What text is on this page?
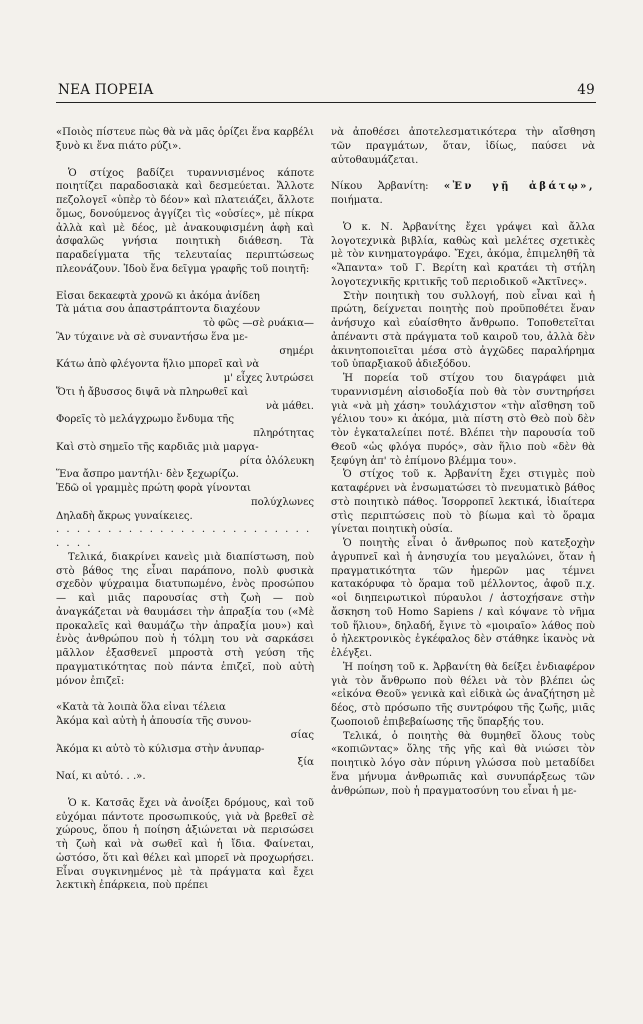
ΝΕΑ ΠΟΡΕΙΑ	49

«Ποιὸς πίστευε πὼς θὰ νὰ μᾶς ὁρίζει ἕνα καρβέλι ξυνὸ κι ἕνα πιάτο ρύζι».

Ὁ στίχος βαδίζει τυραννισμένος κάποτε ποιητίζει παραδοσιακὰ καὶ δεσμεύεται. Ἄλλοτε πεζολογεῖ «ὑπὲρ τὸ δέον» καὶ πλατειάζει, ἄλλοτε ὅμως, δονούμενος ἀγγίζει τὶς «οὐσίες», μὲ πίκρα ἀλλὰ καὶ μὲ δέος, μὲ ἀνακουφισμένη ἀφὴ καὶ ἀσφαλῶς γνήσια ποιητικὴ διάθεση. Τὰ παραδείγματα τῆς τελευταίας περιπτώσεως πλεονάζουν. Ἰδοὺ ἕνα δεῖγμα γραφῆς τοῦ ποιητῆ:

Εἶσαι δεκαεφτὰ χρονῶ κι ἀκόμα ἀνίδεη
Τὰ μάτια σου ἀπαστράπτοντα διαχέουν
τὸ φῶς —σὲ ρυάκια—
Ἂν τύχαινε νὰ σὲ συναντήσω ἕνα με-
σημέρι
Κάτω ἀπὸ φλέγοντα ἥλιο μπορεῖ καὶ νὰ
μ' εἶχες λυτρώσει
Ὅτι ἡ ἄβυσσος διψᾶ νὰ πληρωθεῖ καὶ
νὰ μάθει.
Φορεῖς τὸ μελάγχρωμο ἔνδυμα τῆς
πληρότητας
Καὶ στὸ σημεῖο τῆς καρδιᾶς μιὰ μαργα-
ρίτα ὁλόλευκη
Ἕνα ἄσπρο μαντήλι· δὲν ξεχωρίζω.
Ἐδῶ οἱ γραμμὲς πρώτη φορὰ γίνονται
πολύχλωνες
Δηλαδὴ ἄκρως γυναίκειες.

. . . . . . . . . . . . . . . . . . . . . . . . . . . . .

Τελικά, διακρίνει κανεὶς μιὰ διαπίστωση, ποὺ στὸ βάθος της εἶναι παράπονο, πολὺ φυσικὰ σχεδὸν ψύχραιμα διατυπωμένο, ἑνὸς προσώπου — καὶ μιᾶς παρουσίας στὴ ζωὴ — ποὺ ἀναγκάζεται νὰ θαυμάσει τὴν ἀπραξία του («Μὲ προκαλεῖς καὶ θαυμάζω τὴν ἀπραξία μου») καὶ ἑνὸς ἀνθρώπου ποὺ ἡ τόλμη του νὰ σαρκάσει μᾶλλον ἐξασθενεῖ μπροστὰ στὴ γεύση τῆς πραγματικότητας ποὺ πάντα ἐπιζεῖ, ποὺ αὐτὴ μόνον ἐπιζεῖ:

«Κατὰ τὰ λοιπὰ ὅλα εἶναι τέλεια
Ἀκόμα καὶ αὐτὴ ἡ ἀπουσία τῆς συνου-
σίας
Ἀκόμα κι αὐτὸ τὸ κύλισμα στὴν ἀνυπαρ-
ξία
Ναί, κι αὐτό. . .».

Ὁ κ. Κατσᾶς ἔχει νὰ ἀνοίξει δρόμους, καὶ τοῦ εὐχόμαι πάντοτε προσωπικούς, γιὰ νὰ βρεθεῖ σὲ χώρους, ὅπου ἡ ποίηση ἀξιώνεται νὰ περισώσει τὴ ζωὴ καὶ νὰ σωθεῖ καὶ ἡ ἴδια. Φαίνεται, ὡστόσο, ὅτι καὶ θέλει καὶ μπορεῖ νὰ προχωρήσει. Εἶναι συγκινημένος μὲ τὰ πράγματα καὶ ἔχει λεκτικὴ ἐπάρκεια, ποὺ πρέπει

νὰ ἀποθέσει ἀποτελεσματικότερα τὴν αἴσθηση τῶν πραγμάτων, ὅταν, ἰδίως, παύσει νὰ αὐτοθαυμάζεται.

Νίκου Ἀρβανίτη: «Ἐν γῇ ἀβάτῳ», ποιήματα.

Ὁ κ. Ν. Ἀρβανίτης ἔχει γράψει καὶ ἄλλα λογοτεχνικὰ βιβλία, καθὼς καὶ μελέτες σχετικὲς μὲ τὸν κινηματογράφο. Ἔχει, ἀκόμα, ἐπιμεληθῆ τὰ «Ἅπαντα» τοῦ Γ. Βερίτη καὶ κρατάει τὴ στήλη λογοτεχνικῆς κριτικῆς τοῦ περιοδικοῦ «Ἀκτῖνες».

Στὴν ποιητικὴ του συλλογή, ποὺ εἶναι καὶ ἡ πρώτη, δείχνεται ποιητὴς ποὺ προϋποθέτει ἕναν ἀνήσυχο καὶ εὐαίσθητο ἄνθρωπο. Τοποθετεῖται ἀπέναντι στὰ πράγματα τοῦ καιροῦ του, ἀλλὰ δὲν ἀκινητοποιεῖται μέσα στὸ ἀγχῶδες παραλήρημα τοῦ ὑπαρξιακοῦ ἀδιεξόδου.

Ἡ πορεία τοῦ στίχου του διαγράφει μιὰ τυραννισμένη αἰσιοδοξία ποὺ θὰ τὸν συντηρήσει γιὰ «νὰ μὴ χάση» τουλάχιστον «τὴν αἴσθηση τοῦ γέλιου του» κι ἀκόμα, μιὰ πίστη στὸ Θεὸ ποὺ δὲν τὸν ἐγκαταλείπει ποτέ. Βλέπει τὴν παρουσία τοῦ Θεοῦ «ὡς φλόγα πυρός», σὰν ἥλιο ποὺ «δὲν θὰ ξεφύγη ἀπ' τὸ ἐπίμονο βλέμμα του».

Ὁ στίχος τοῦ κ. Ἀρβανίτη ἔχει στιγμὲς ποὺ καταφέρνει νὰ ἐνσωματώσει τὸ πνευματικὸ βάθος στὸ ποιητικὸ πάθος. Ἰσορροπεῖ λεκτικά, ἰδιαίτερα στὶς περιπτώσεις ποὺ τὸ βίωμα καὶ τὸ ὅραμα γίνεται ποιητικὴ οὐσία.

Ὁ ποιητὴς εἶναι ὁ ἄνθρωπος ποὺ κατεξοχὴν ἀγρυπνεῖ καὶ ἡ ἀνησυχία του μεγαλώνει, ὅταν ἡ πραγματικότητα τῶν ἡμερῶν μας τέμνει κατακόρυφα τὸ ὅραμα τοῦ μέλλοντος, ἀφοῦ π.χ. «οἱ διηπειρωτικοὶ πύραυλοι / ἀστοχήσανε στὴν ἄσκηση τοῦ Homo Sapiens / καὶ κόψανε τὸ νῆμα τοῦ ἥλιου», δηλαδή, ἔγινε τὸ «μοιραῖο» λάθος ποὺ ὁ ἠλεκτρονικὸς ἐγκέφαλος δὲν στάθηκε ἱκανὸς νὰ ἐλέγξει.

Ἡ ποίηση τοῦ κ. Ἀρβανίτη θὰ δείξει ἐνδιαφέρον γιὰ τὸν ἄνθρωπο ποὺ θέλει νὰ τὸν βλέπει ὡς «εἰκόνα Θεοῦ» γενικὰ καὶ εἰδικὰ ὡς ἀναζήτηση μὲ δέος, στὸ πρόσωπο τῆς συντρόφου τῆς ζωῆς, μιᾶς ζωοποιοῦ ἐπιβεβαίωσης τῆς ὕπαρξής του.

Τελικά, ὁ ποιητὴς θὰ θυμηθεῖ ὅλους τοὺς «κοπιῶντας» ὅλης τῆς γῆς καὶ θὰ νιώσει τὸν ποιητικὸ λόγο σὰν πύρινη γλώσσα ποὺ μεταδίδει ἕνα μήνυμα ἀνθρωπιᾶς καὶ συνυπάρξεως τῶν ἀνθρώπων, ποὺ ἡ πραγματοσύνη του εἶναι ἡ με-
